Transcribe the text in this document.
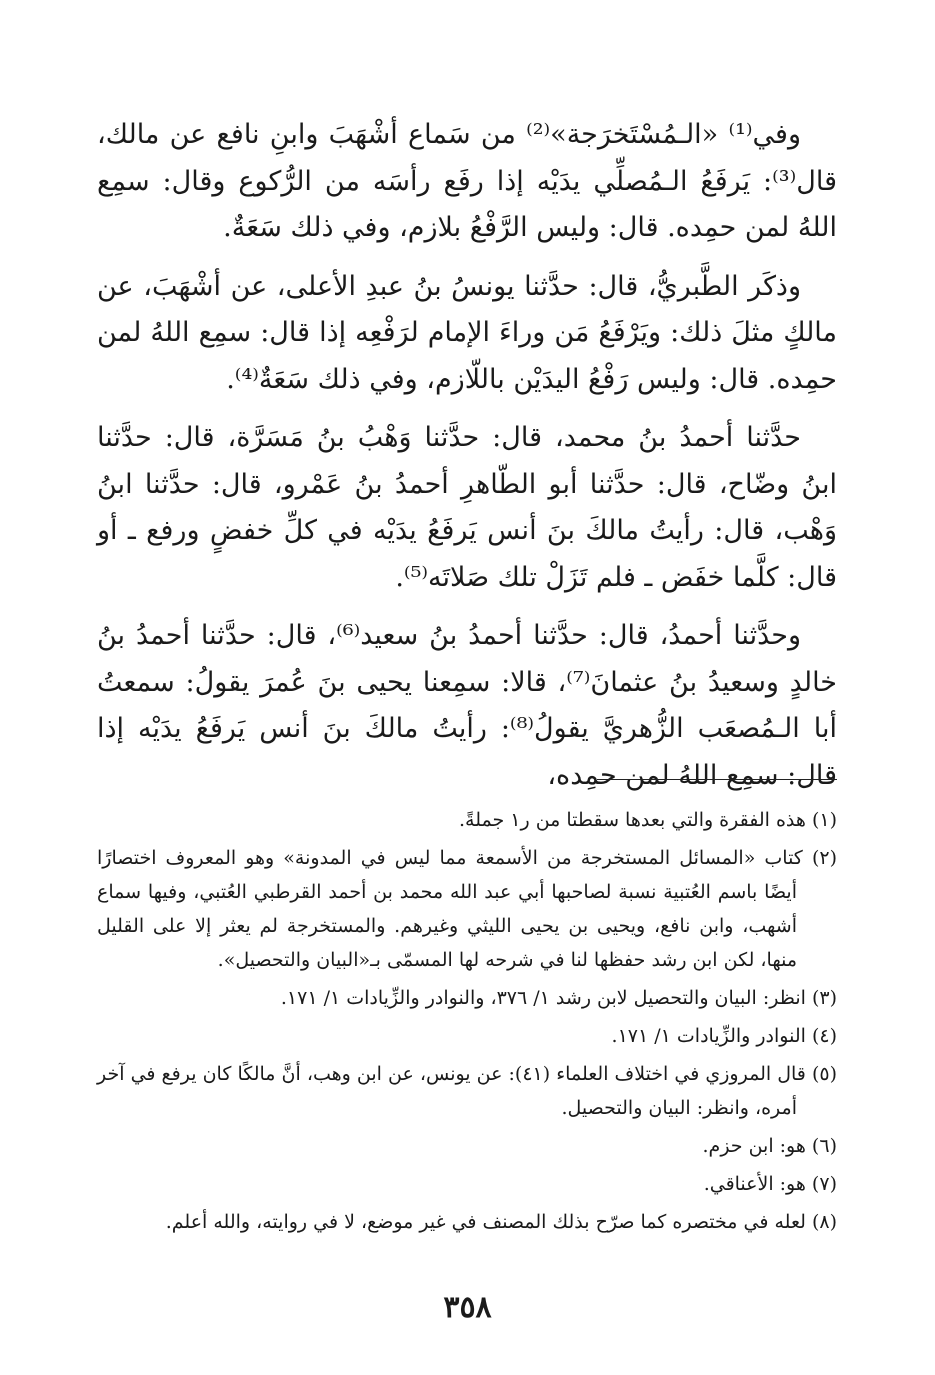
وفي⁽¹⁾ «الـمُسْتَخرَجة»⁽²⁾ من سَماع أشْهَبَ وابنِ نافع عن مالك، قال⁽³⁾: يَرفَعُ الـمُصلِّي يدَيْه إذا رفَع رأسَه من الرُّكوع وقال: سمِع اللهُ لمن حمِده. قال: وليس الرَّفْعُ بلازم، وفي ذلك سَعَةٌ.

وذكَر الطَّبريُّ، قال: حدَّثنا يونسُ بنُ عبدِ الأعلى، عن أشْهَبَ، عن مالكٍ مثلَ ذلك: ويَرْفَعُ مَن وراءَ الإمام لرَفْعِه إذا قال: سمِع اللهُ لمن حمِده. قال: وليس رَفْعُ اليدَيْن باللّازم، وفي ذلك سَعَةٌ⁽⁴⁾.

حدَّثنا أحمدُ بنُ محمد، قال: حدَّثنا وَهْبُ بنُ مَسَرَّة، قال: حدَّثنا ابنُ وضّاح، قال: حدَّثنا أبو الطّاهرِ أحمدُ بنُ عَمْرو، قال: حدَّثنا ابنُ وَهْب، قال: رأيتُ مالكَ بنَ أنس يَرفَعُ يدَيْه في كلِّ خفضٍ ورفع ـ أو قال: كلَّما خفَض ـ فلم تَزَلْ تلك صَلاتَه⁽⁵⁾.

وحدَّثنا أحمدُ، قال: حدَّثنا أحمدُ بنُ سعيد⁽⁶⁾، قال: حدَّثنا أحمدُ بنُ خالدٍ وسعيدُ بنُ عثمانَ⁽⁷⁾، قالا: سمِعنا يحيى بنَ عُمرَ يقولُ: سمعتُ أبا الـمُصعَب الزُّهريَّ يقولُ⁽⁸⁾: رأيتُ مالكَ بنَ أنس يَرفَعُ يدَيْه إذا قال: سمِع اللهُ لمن حمِده،

(١) هذه الفقرة والتي بعدها سقطتا من ر١ جملةً.

(٢) كتاب «المسائل المستخرجة من الأسمعة مما ليس في المدونة» وهو المعروف اختصارًا أيضًا باسم العُتبية نسبة لصاحبها أبي عبد الله محمد بن أحمد القرطبي العُتبي، وفيها سماع أشهب، وابن نافع، ويحيى بن يحيى الليثي وغيرهم. والمستخرجة لم يعثر إلا على القليل منها، لكن ابن رشد حفظها لنا في شرحه لها المسمّى بـ«البيان والتحصيل».

(٣) انظر: البيان والتحصيل لابن رشد ١/ ٣٧٦، والنوادر والزِّيادات ١/ ١٧١.

(٤) النوادر والزِّيادات ١/ ١٧١.

(٥) قال المروزي في اختلاف العلماء (٤١): عن يونس، عن ابن وهب، أنَّ مالكًا كان يرفع في آخر أمره، وانظر: البيان والتحصيل.

(٦) هو: ابن حزم.

(٧) هو: الأعناقي.

(٨) لعله في مختصره كما صرّح بذلك المصنف في غير موضع، لا في روايته، والله أعلم.

٣٥٨
